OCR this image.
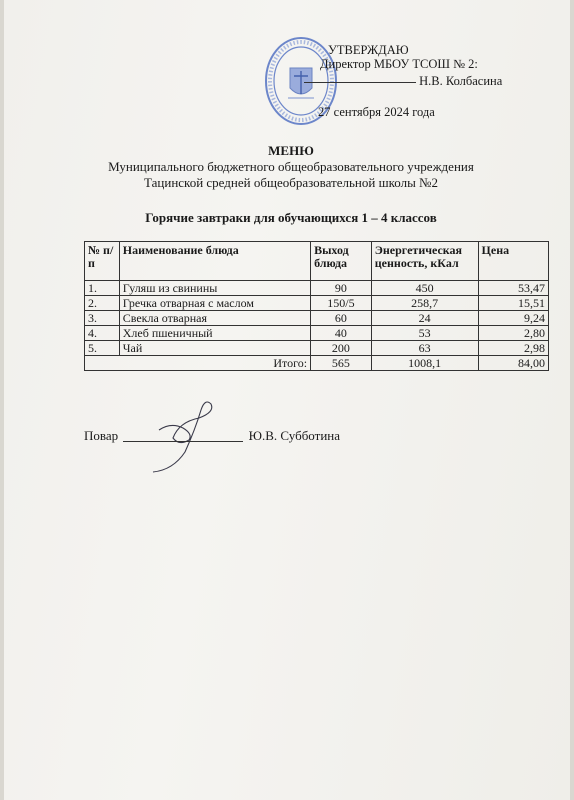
УТВЕРЖДАЮ
Директор МБОУ ТСОШ № 2:
Н.В. Колбасина
27 сентября 2024 года
МЕНЮ
Муниципального бюджетного общеобразовательного учреждения
Тацинской средней общеобразовательной школы №2
Горячие завтраки для обучающихся 1 – 4 классов
№ п/п	Наименование блюда	Выход блюда	Энергетическая ценность, кКал	Цена
1.	Гуляш из свинины	90	450	53,47
2.	Гречка отварная с маслом	150/5	258,7	15,51
3.	Свекла отварная	60	24	9,24
4.	Хлеб пшеничный	40	53	2,80
5.	Чай	200	63	2,98
Итого:		565	1008,1	84,00
Повар	Ю.В. Субботина
